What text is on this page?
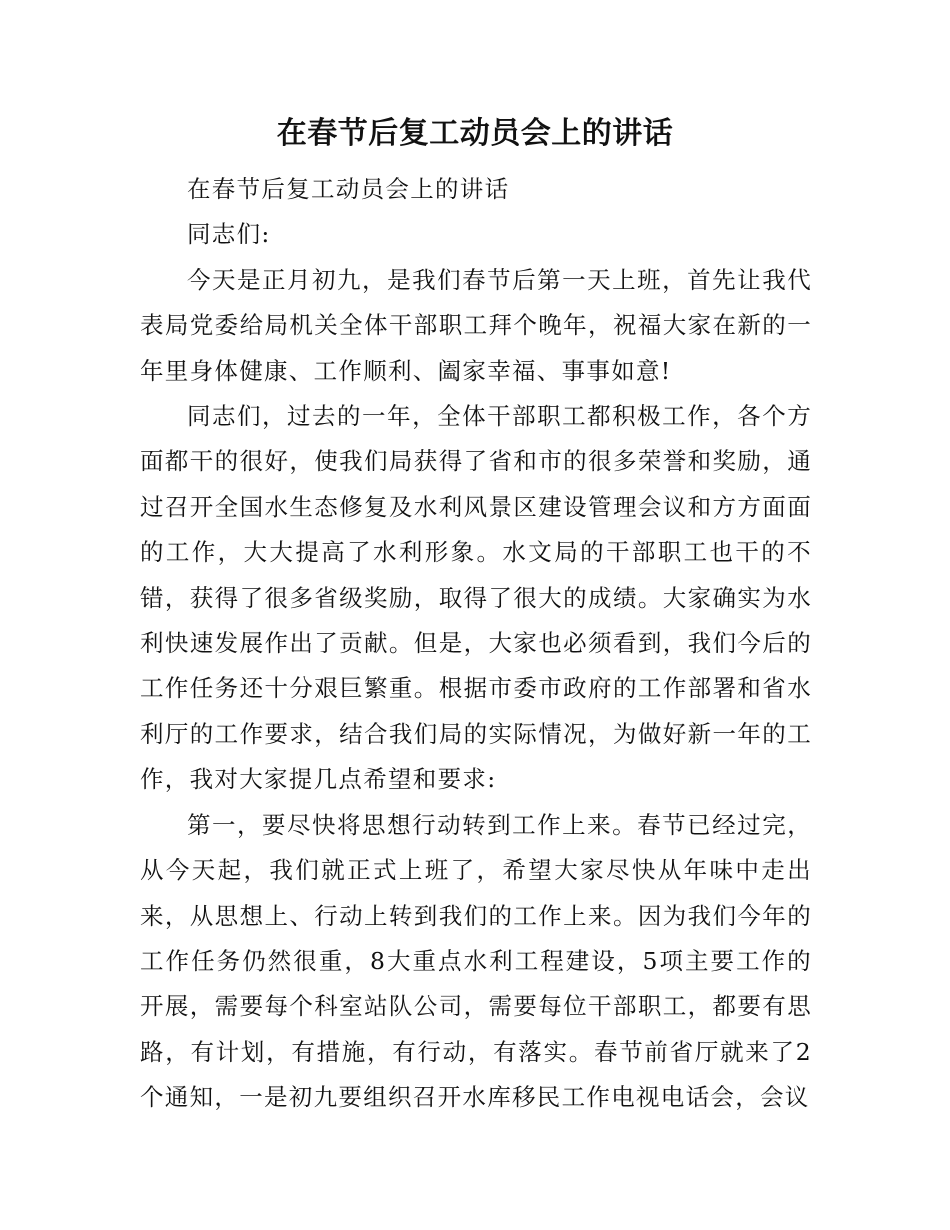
在春节后复工动员会上的讲话

在春节后复工动员会上的讲话

同志们:

今天是正月初九，是我们春节后第一天上班，首先让我代表局党委给局机关全体干部职工拜个晚年，祝福大家在新的一年里身体健康、工作顺利、阖家幸福、事事如意!

同志们，过去的一年，全体干部职工都积极工作，各个方面都干的很好，使我们局获得了省和市的很多荣誉和奖励，通过召开全国水生态修复及水利风景区建设管理会议和方方面面的工作，大大提高了水利形象。水文局的干部职工也干的不错，获得了很多省级奖励，取得了很大的成绩。大家确实为水利快速发展作出了贡献。但是，大家也必须看到，我们今后的工作任务还十分艰巨繁重。根据市委市政府的工作部署和省水利厅的工作要求，结合我们局的实际情况，为做好新一年的工作，我对大家提几点希望和要求:

第一，要尽快将思想行动转到工作上来。春节已经过完，从今天起，我们就正式上班了，希望大家尽快从年味中走出来，从思想上、行动上转到我们的工作上来。因为我们今年的工作任务仍然很重，8大重点水利工程建设，5项主要工作的开展，需要每个科室站队公司，需要每位干部职工，都要有思路，有计划，有措施，有行动，有落实。春节前省厅就来了2个通知，一是初九要组织召开水库移民工作电视电话会，会议
